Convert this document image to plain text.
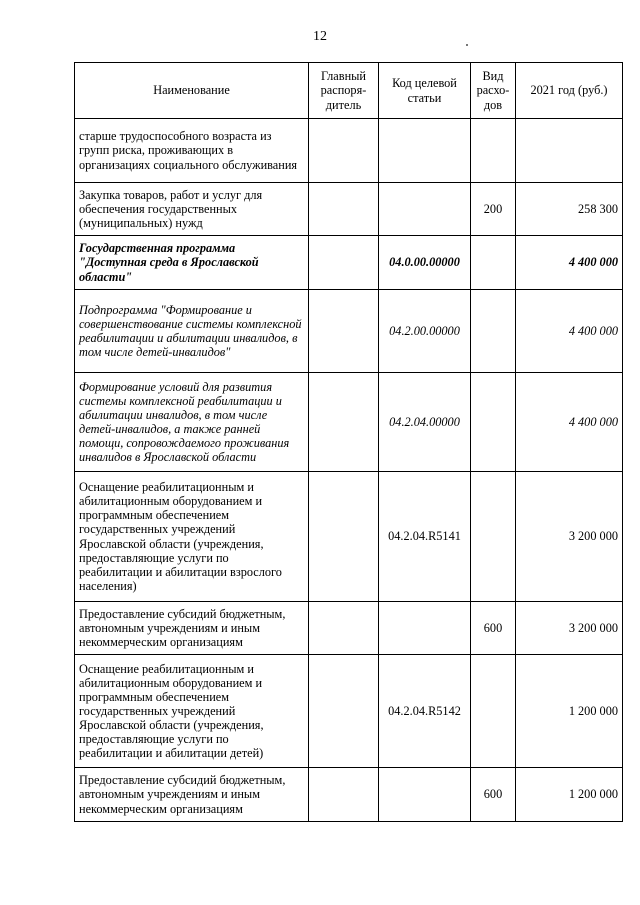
12
Наименование	Главный распоря-дитель	Код целевой статьи	Вид расхо-дов	2021 год (руб.)
старше трудоспособного возраста из групп риска, проживающих в организациях социального обслуживания				
Закупка товаров, работ и услуг для обеспечения государственных (муниципальных) нужд			200	258 300
Государственная программа "Доступная среда в Ярославской области"		04.0.00.00000		4 400 000
Подпрограмма "Формирование и совершенствование системы комплексной реабилитации и абилитации инвалидов, в том числе детей-инвалидов"		04.2.00.00000		4 400 000
Формирование условий для развития системы комплексной реабилитации и абилитации инвалидов, в том числе детей-инвалидов, а также ранней помощи, сопровождаемого проживания инвалидов в Ярославской области		04.2.04.00000		4 400 000
Оснащение реабилитационным и абилитационным оборудованием и программным обеспечением государственных учреждений Ярославской области (учреждения, предоставляющие услуги по реабилитации и абилитации взрослого населения)		04.2.04.R5141		3 200 000
Предоставление субсидий бюджетным, автономным учреждениям и иным некоммерческим организациям			600	3 200 000
Оснащение реабилитационным и абилитационным оборудованием и программным обеспечением государственных учреждений Ярославской области (учреждения, предоставляющие услуги по реабилитации и абилитации детей)		04.2.04.R5142		1 200 000
Предоставление субсидий бюджетным, автономным учреждениям и иным некоммерческим организациям			600	1 200 000
